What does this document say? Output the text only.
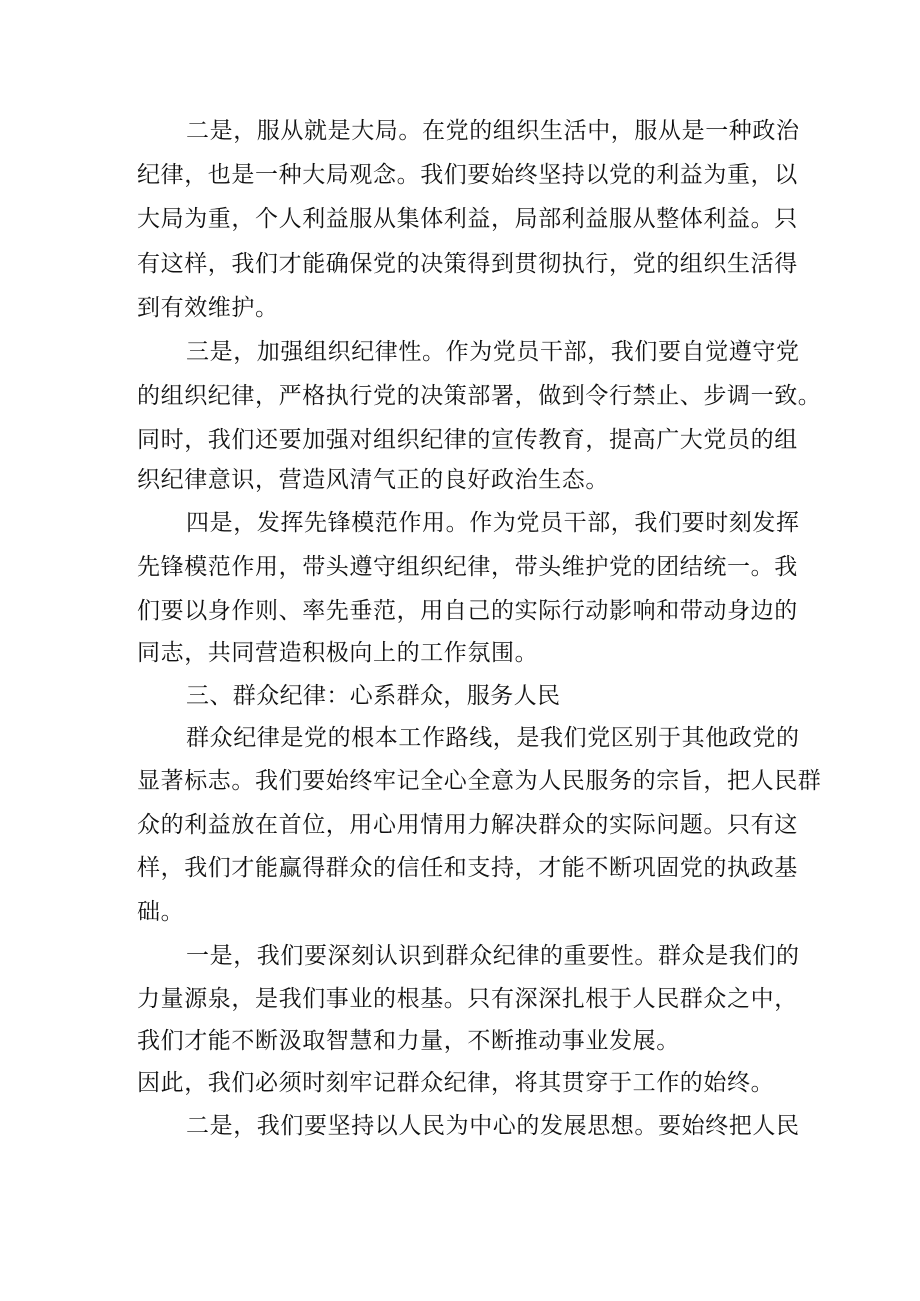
二是，服从就是大局。在党的组织生活中，服从是一种政治
纪律，也是一种大局观念。我们要始终坚持以党的利益为重，以
大局为重，个人利益服从集体利益，局部利益服从整体利益。只
有这样，我们才能确保党的决策得到贯彻执行，党的组织生活得
到有效维护。
三是，加强组织纪律性。作为党员干部，我们要自觉遵守党
的组织纪律，严格执行党的决策部署，做到令行禁止、步调一致。
同时，我们还要加强对组织纪律的宣传教育，提高广大党员的组
织纪律意识，营造风清气正的良好政治生态。
四是，发挥先锋模范作用。作为党员干部，我们要时刻发挥
先锋模范作用，带头遵守组织纪律，带头维护党的团结统一。我
们要以身作则、率先垂范，用自己的实际行动影响和带动身边的
同志，共同营造积极向上的工作氛围。
三、群众纪律：心系群众，服务人民
群众纪律是党的根本工作路线，是我们党区别于其他政党的
显著标志。我们要始终牢记全心全意为人民服务的宗旨，把人民群
众的利益放在首位，用心用情用力解决群众的实际问题。只有这
样，我们才能赢得群众的信任和支持，才能不断巩固党的执政基
础。
一是，我们要深刻认识到群众纪律的重要性。群众是我们的
力量源泉，是我们事业的根基。只有深深扎根于人民群众之中，
我们才能不断汲取智慧和力量，不断推动事业发展。
因此，我们必须时刻牢记群众纪律，将其贯穿于工作的始终。
二是，我们要坚持以人民为中心的发展思想。要始终把人民
